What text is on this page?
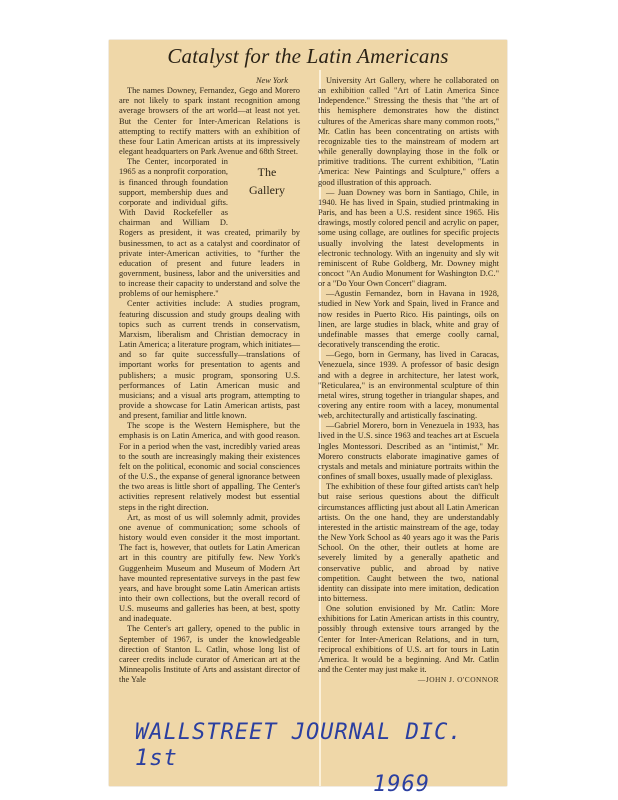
Catalyst for the Latin Americans
New York

The names Downey, Fernandez, Gego and Morero are not likely to spark instant recognition among average browsers of the art world—at least not yet. But the Center for Inter-American Relations is attempting to rectify matters with an exhibition of these four Latin American artists at its impressively elegant headquarters on Park Avenue and 68th Street.

The
Gallery

The Center, incorporated in 1965 as a nonprofit corporation, is financed through foundation support, membership dues and corporate and individual gifts. With David Rockefeller as chairman and William D. Rogers as president, it was created, primarily by businessmen, to act as a catalyst and coordinator of private inter-American activities, to "further the education of present and future leaders in government, business, labor and the universities and to increase their capacity to understand and solve the problems of our hemisphere."

Center activities include: A studies program, featuring discussion and study groups dealing with topics such as current trends in conservatism, Marxism, liberalism and Christian democracy in Latin America; a literature program, which initiates—and so far quite successfully—translations of important works for presentation to agents and publishers; a music program, sponsoring U.S. performances of Latin American music and musicians; and a visual arts program, attempting to provide a showcase for Latin American artists, past and present, familiar and little known.

The scope is the Western Hemisphere, but the emphasis is on Latin America, and with good reason. For in a period when the vast, incredibly varied areas to the south are increasingly making their existences felt on the political, economic and social consciences of the U.S., the expanse of general ignorance between the two areas is little short of appalling. The Center's activities represent relatively modest but essential steps in the right direction.

Art, as most of us will solemnly admit, provides one avenue of communication; some schools of history would even consider it the most important. The fact is, however, that outlets for Latin American art in this country are pitifully few. New York's Guggenheim Museum and Museum of Modern Art have mounted representative surveys in the past few years, and have brought some Latin American artists into their own collections, but the overall record of U.S. museums and galleries has been, at best, spotty and inadequate.

The Center's art gallery, opened to the public in September of 1967, is under the knowledgeable direction of Stanton L. Catlin, whose long list of career credits include curator of American art at the Minneapolis Institute of Arts and assistant director of the Yale

University Art Gallery, where he collaborated on an exhibition called "Art of Latin America Since Independence." Stressing the thesis that "the art of this hemisphere demonstrates how the distinct cultures of the Americas share many common roots," Mr. Catlin has been concentrating on artists with recognizable ties to the mainstream of modern art while generally downplaying those in the folk or primitive traditions. The current exhibition, "Latin America: New Paintings and Sculpture," offers a good illustration of this approach.

— Juan Downey was born in Santiago, Chile, in 1940. He has lived in Spain, studied printmaking in Paris, and has been a U.S. resident since 1965. His drawings, mostly colored pencil and acrylic on paper, some using collage, are outlines for specific projects usually involving the latest developments in electronic technology. With an ingenuity and sly wit reminiscent of Rube Goldberg, Mr. Downey might concoct "An Audio Monument for Washington D.C." or a "Do Your Own Concert" diagram.

—Agustin Fernandez, born in Havana in 1928, studied in New York and Spain, lived in France and now resides in Puerto Rico. His paintings, oils on linen, are large studies in black, white and gray of undefinable masses that emerge coolly carnal, decoratively transcending the erotic.

—Gego, born in Germany, has lived in Caracas, Venezuela, since 1939. A professor of basic design and with a degree in architecture, her latest work, "Reticularea," is an environmental sculpture of thin metal wires, strung together in triangular shapes, and covering any entire room with a lacey, monumental web, architecturally and artistically fascinating.

—Gabriel Morero, born in Venezuela in 1933, has lived in the U.S. since 1963 and teaches art at Escuela Ingles Montessori. Described as an "intimist," Mr. Morero constructs elaborate imaginative games of crystals and metals and miniature portraits within the confines of small boxes, usually made of plexiglass.

The exhibition of these four gifted artists can't help but raise serious questions about the difficult circumstances afflicting just about all Latin American artists. On the one hand, they are understandably interested in the artistic mainstream of the age, today the New York School as 40 years ago it was the Paris School. On the other, their outlets at home are severely limited by a generally apathetic and conservative public, and abroad by native competition. Caught between the two, national identity can dissipate into mere imitation, dedication into bitterness.

One solution envisioned by Mr. Catlin: More exhibitions for Latin American artists in this country, possibly through extensive tours arranged by the Center for Inter-American Relations, and in turn, reciprocal exhibitions of U.S. art for tours in Latin America. It would be a beginning. And Mr. Catlin and the Center may just make it.

—JOHN J. O'CONNOR
WALLSTREET JOURNAL DIC. 1st
1969
